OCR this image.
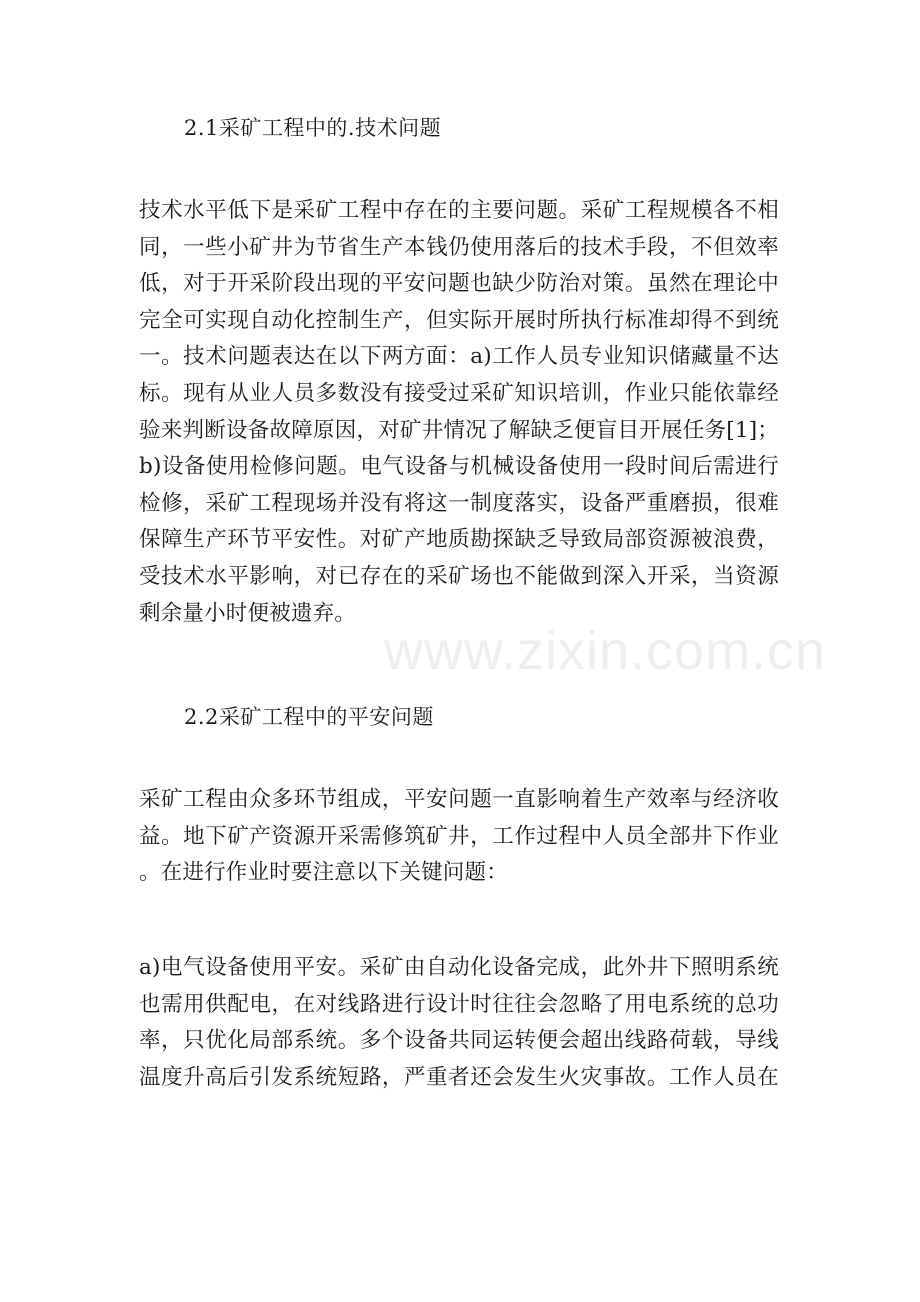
www.zixin.com.cn
2.1采矿工程中的.技术问题
技术水平低下是采矿工程中存在的主要问题。采矿工程规模各不相
同，一些小矿井为节省生产本钱仍使用落后的技术手段，不但效率
低，对于开采阶段出现的平安问题也缺少防治对策。虽然在理论中
完全可实现自动化控制生产，但实际开展时所执行标准却得不到统
一。技术问题表达在以下两方面：a)工作人员专业知识储藏量不达
标。现有从业人员多数没有接受过采矿知识培训，作业只能依靠经
验来判断设备故障原因，对矿井情况了解缺乏便盲目开展任务[1]；
b)设备使用检修问题。电气设备与机械设备使用一段时间后需进行
检修，采矿工程现场并没有将这一制度落实，设备严重磨损，很难
保障生产环节平安性。对矿产地质勘探缺乏导致局部资源被浪费，
受技术水平影响，对已存在的采矿场也不能做到深入开采，当资源
剩余量小时便被遗弃。
2.2采矿工程中的平安问题
采矿工程由众多环节组成，平安问题一直影响着生产效率与经济收
益。地下矿产资源开采需修筑矿井，工作过程中人员全部井下作业
。在进行作业时要注意以下关键问题：
a)电气设备使用平安。采矿由自动化设备完成，此外井下照明系统
也需用供配电，在对线路进行设计时往往会忽略了用电系统的总功
率，只优化局部系统。多个设备共同运转便会超出线路荷载，导线
温度升高后引发系统短路，严重者还会发生火灾事故。工作人员在
